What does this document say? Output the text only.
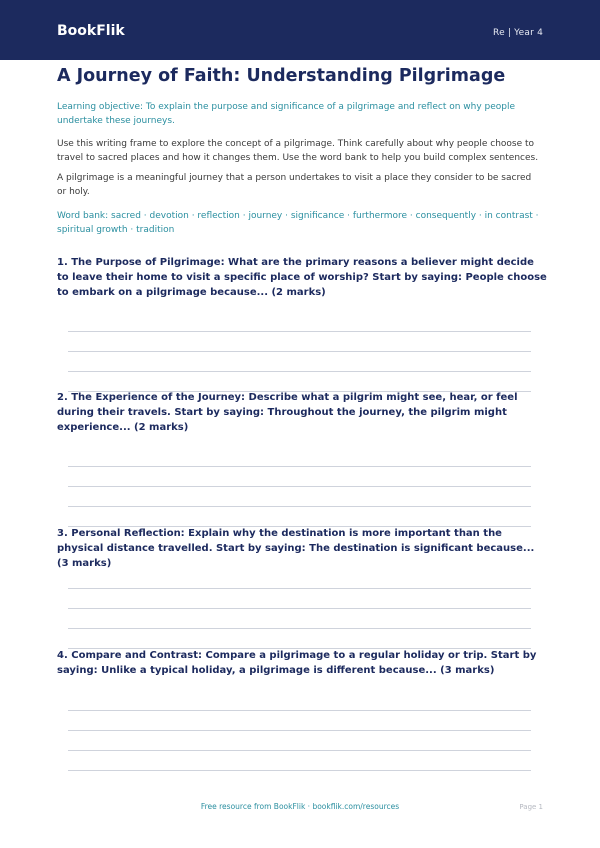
BookFlik	Re | Year 4
A Journey of Faith: Understanding Pilgrimage
Learning objective: To explain the purpose and significance of a pilgrimage and reflect on why people undertake these journeys.
Use this writing frame to explore the concept of a pilgrimage. Think carefully about why people choose to travel to sacred places and how it changes them. Use the word bank to help you build complex sentences.
A pilgrimage is a meaningful journey that a person undertakes to visit a place they consider to be sacred or holy.
Word bank: sacred · devotion · reflection · journey · significance · furthermore · consequently · in contrast · spiritual growth · tradition
1. The Purpose of Pilgrimage: What are the primary reasons a believer might decide to leave their home to visit a specific place of worship? Start by saying: People choose to embark on a pilgrimage because... (2 marks)
2. The Experience of the Journey: Describe what a pilgrim might see, hear, or feel during their travels. Start by saying: Throughout the journey, the pilgrim might experience... (2 marks)
3. Personal Reflection: Explain why the destination is more important than the physical distance travelled. Start by saying: The destination is significant because... (3 marks)
4. Compare and Contrast: Compare a pilgrimage to a regular holiday or trip. Start by saying: Unlike a typical holiday, a pilgrimage is different because... (3 marks)
Free resource from BookFlik · bookflik.com/resources	Page 1
